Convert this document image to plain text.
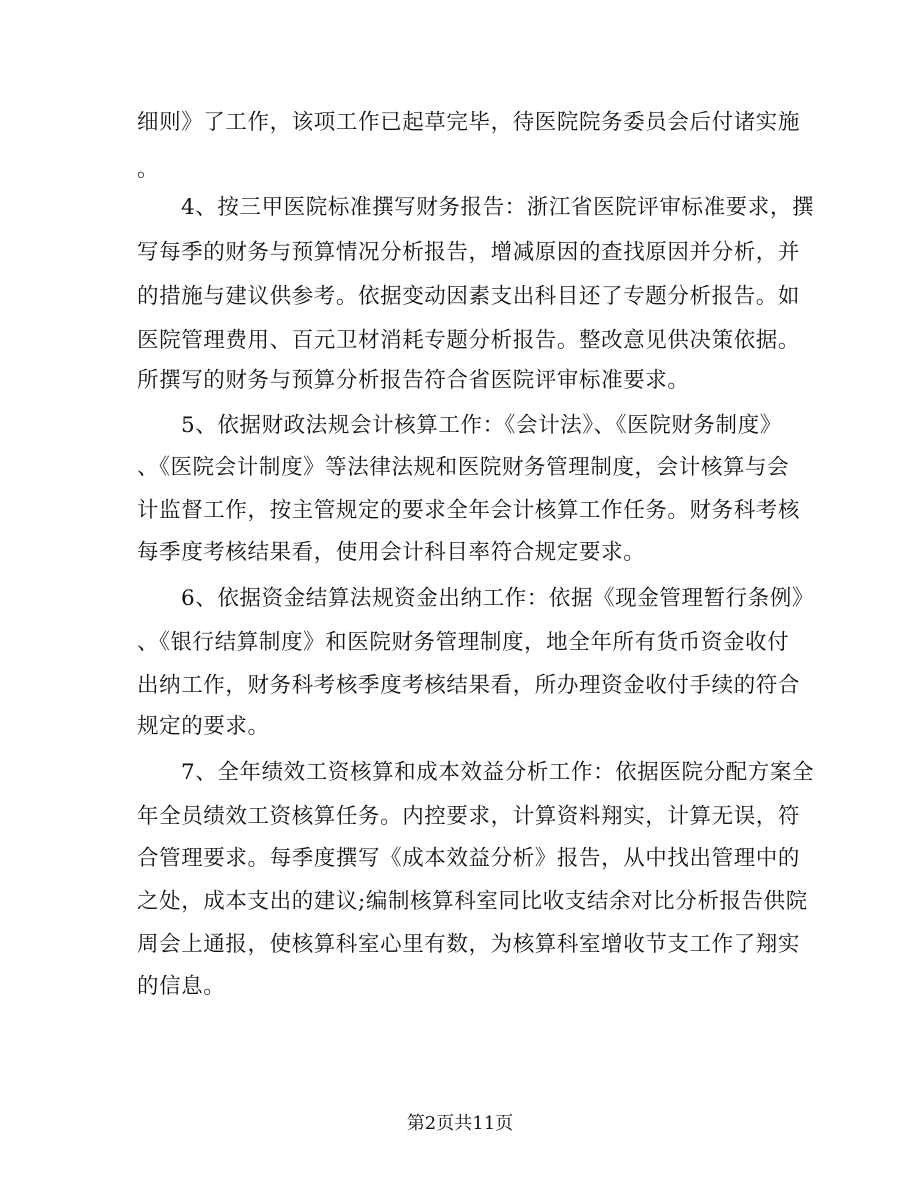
细则》了工作，该项工作已起草完毕，待医院院务委员会后付诸实施
。
4、按三甲医院标准撰写财务报告：浙江省医院评审标准要求，撰
写每季的财务与预算情况分析报告，增减原因的查找原因并分析，并
的措施与建议供参考。依据变动因素支出科目还了专题分析报告。如
医院管理费用、百元卫材消耗专题分析报告。整改意见供决策依据。
所撰写的财务与预算分析报告符合省医院评审标准要求。
5、依据财政法规会计核算工作：《会计法》、《医院财务制度》
、《医院会计制度》等法律法规和医院财务管理制度，会计核算与会
计监督工作，按主管规定的要求全年会计核算工作任务。财务科考核
每季度考核结果看，使用会计科目率符合规定要求。
6、依据资金结算法规资金出纳工作：依据《现金管理暂行条例》
、《银行结算制度》和医院财务管理制度，地全年所有货币资金收付
出纳工作，财务科考核季度考核结果看，所办理资金收付手续的符合
规定的要求。
7、全年绩效工资核算和成本效益分析工作：依据医院分配方案全
年全员绩效工资核算任务。内控要求，计算资料翔实，计算无误，符
合管理要求。每季度撰写《成本效益分析》报告，从中找出管理中的
之处，成本支出的建议;编制核算科室同比收支结余对比分析报告供院
周会上通报，使核算科室心里有数，为核算科室增收节支工作了翔实
的信息。
第2页共11页
